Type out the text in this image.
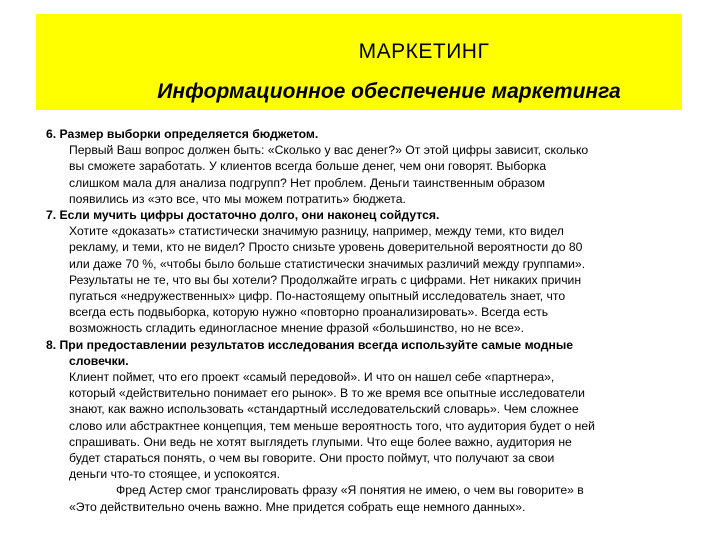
МАРКЕТИНГ
Информационное обеспечение маркетинга
6. Размер выборки определяется бюджетом.
Первый Ваш вопрос должен быть: «Сколько у вас денег?» От этой цифры зависит, сколько
вы сможете заработать. У клиентов всегда больше денег, чем они говорят. Выборка
слишком мала для анализа подгрупп? Нет проблем. Деньги таинственным образом
появились из «это все, что мы можем потратить» бюджета.
7. Если мучить цифры достаточно долго, они наконец сойдутся.
Хотите «доказать» статистически значимую разницу, например, между теми, кто видел
рекламу, и теми, кто не видел? Просто снизьте уровень доверительной вероятности до 80
или даже 70 %, «чтобы было больше статистически значимых различий между группами».
Результаты не те, что вы бы хотели? Продолжайте играть с цифрами. Нет никаких причин
пугаться «недружественных» цифр. По-настоящему опытный исследователь знает, что
всегда есть подвыборка, которую нужно «повторно проанализировать». Всегда есть
возможность сгладить единогласное мнение фразой «большинство, но не все».
8. При предоставлении результатов исследования всегда используйте самые модные
словечки.
Клиент поймет, что его проект «самый передовой». И что он нашел себе «партнера»,
который «действительно понимает его рынок». В то же время все опытные исследователи
знают, как важно использовать «стандартный исследовательский словарь». Чем сложнее
слово или абстрактнее концепция, тем меньше вероятность того, что аудитория будет о ней
спрашивать. Они ведь не хотят выглядеть глупыми. Что еще более важно, аудитория не
будет стараться понять, о чем вы говорите. Они просто поймут, что получают за свои
деньги что-то стоящее, и успокоятся.
Фред Астер смог транслировать фразу «Я понятия не имею, о чем вы говорите» в
«Это действительно очень важно. Мне придется собрать еще немного данных».
